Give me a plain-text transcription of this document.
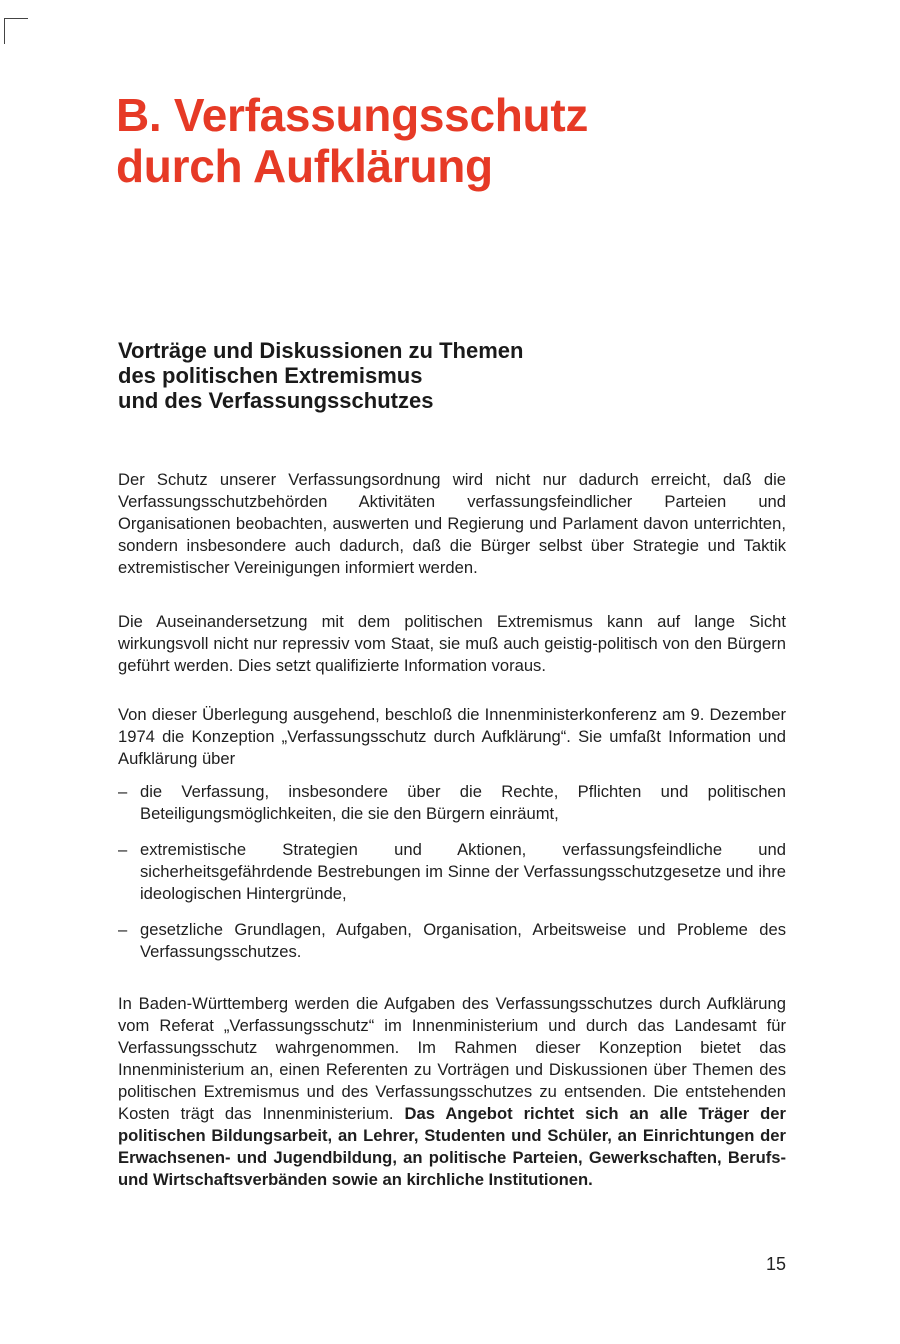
B. Verfassungsschutz
durch Aufklärung
Vorträge und Diskussionen zu Themen
des politischen Extremismus
und des Verfassungsschutzes

Der Schutz unserer Verfassungsordnung wird nicht nur dadurch erreicht, daß die Verfassungsschutzbehörden Aktivitäten verfassungsfeindlicher Parteien und Organisationen beobachten, auswerten und Regierung und Parlament davon unterrichten, sondern insbesondere auch dadurch, daß die Bürger selbst über Strategie und Taktik extremistischer Vereinigungen informiert werden.

Die Auseinandersetzung mit dem politischen Extremismus kann auf lange Sicht wirkungsvoll nicht nur repressiv vom Staat, sie muß auch geistig-politisch von den Bürgern geführt werden. Dies setzt qualifizierte Information voraus.

Von dieser Überlegung ausgehend, beschloß die Innenministerkonferenz am 9. Dezember 1974 die Konzeption „Verfassungsschutz durch Aufklärung“. Sie umfaßt Information und Aufklärung über

– die Verfassung, insbesondere über die Rechte, Pflichten und politischen Beteiligungsmöglichkeiten, die sie den Bürgern einräumt,
– extremistische Strategien und Aktionen, verfassungsfeindliche und sicherheitsgefährdende Bestrebungen im Sinne der Verfassungsschutzgesetze und ihre ideologischen Hintergründe,
– gesetzliche Grundlagen, Aufgaben, Organisation, Arbeitsweise und Probleme des Verfassungsschutzes.
In Baden-Württemberg werden die Aufgaben des Verfassungsschutzes durch Aufklärung vom Referat „Verfassungsschutz“ im Innenministerium und durch das Landesamt für Verfassungsschutz wahrgenommen. Im Rahmen dieser Konzeption bietet das Innenministerium an, einen Referenten zu Vorträgen und Diskussionen über Themen des politischen Extremismus und des Verfassungsschutzes zu entsenden. Die entstehenden Kosten trägt das Innenministerium. Das Angebot richtet sich an alle Träger der politischen Bildungsarbeit, an Lehrer, Studenten und Schüler, an Einrichtungen der Erwachsenen- und Jugendbildung, an politische Parteien, Gewerkschaften, Berufs- und Wirtschaftsverbänden sowie an kirchliche Institutionen.
15
